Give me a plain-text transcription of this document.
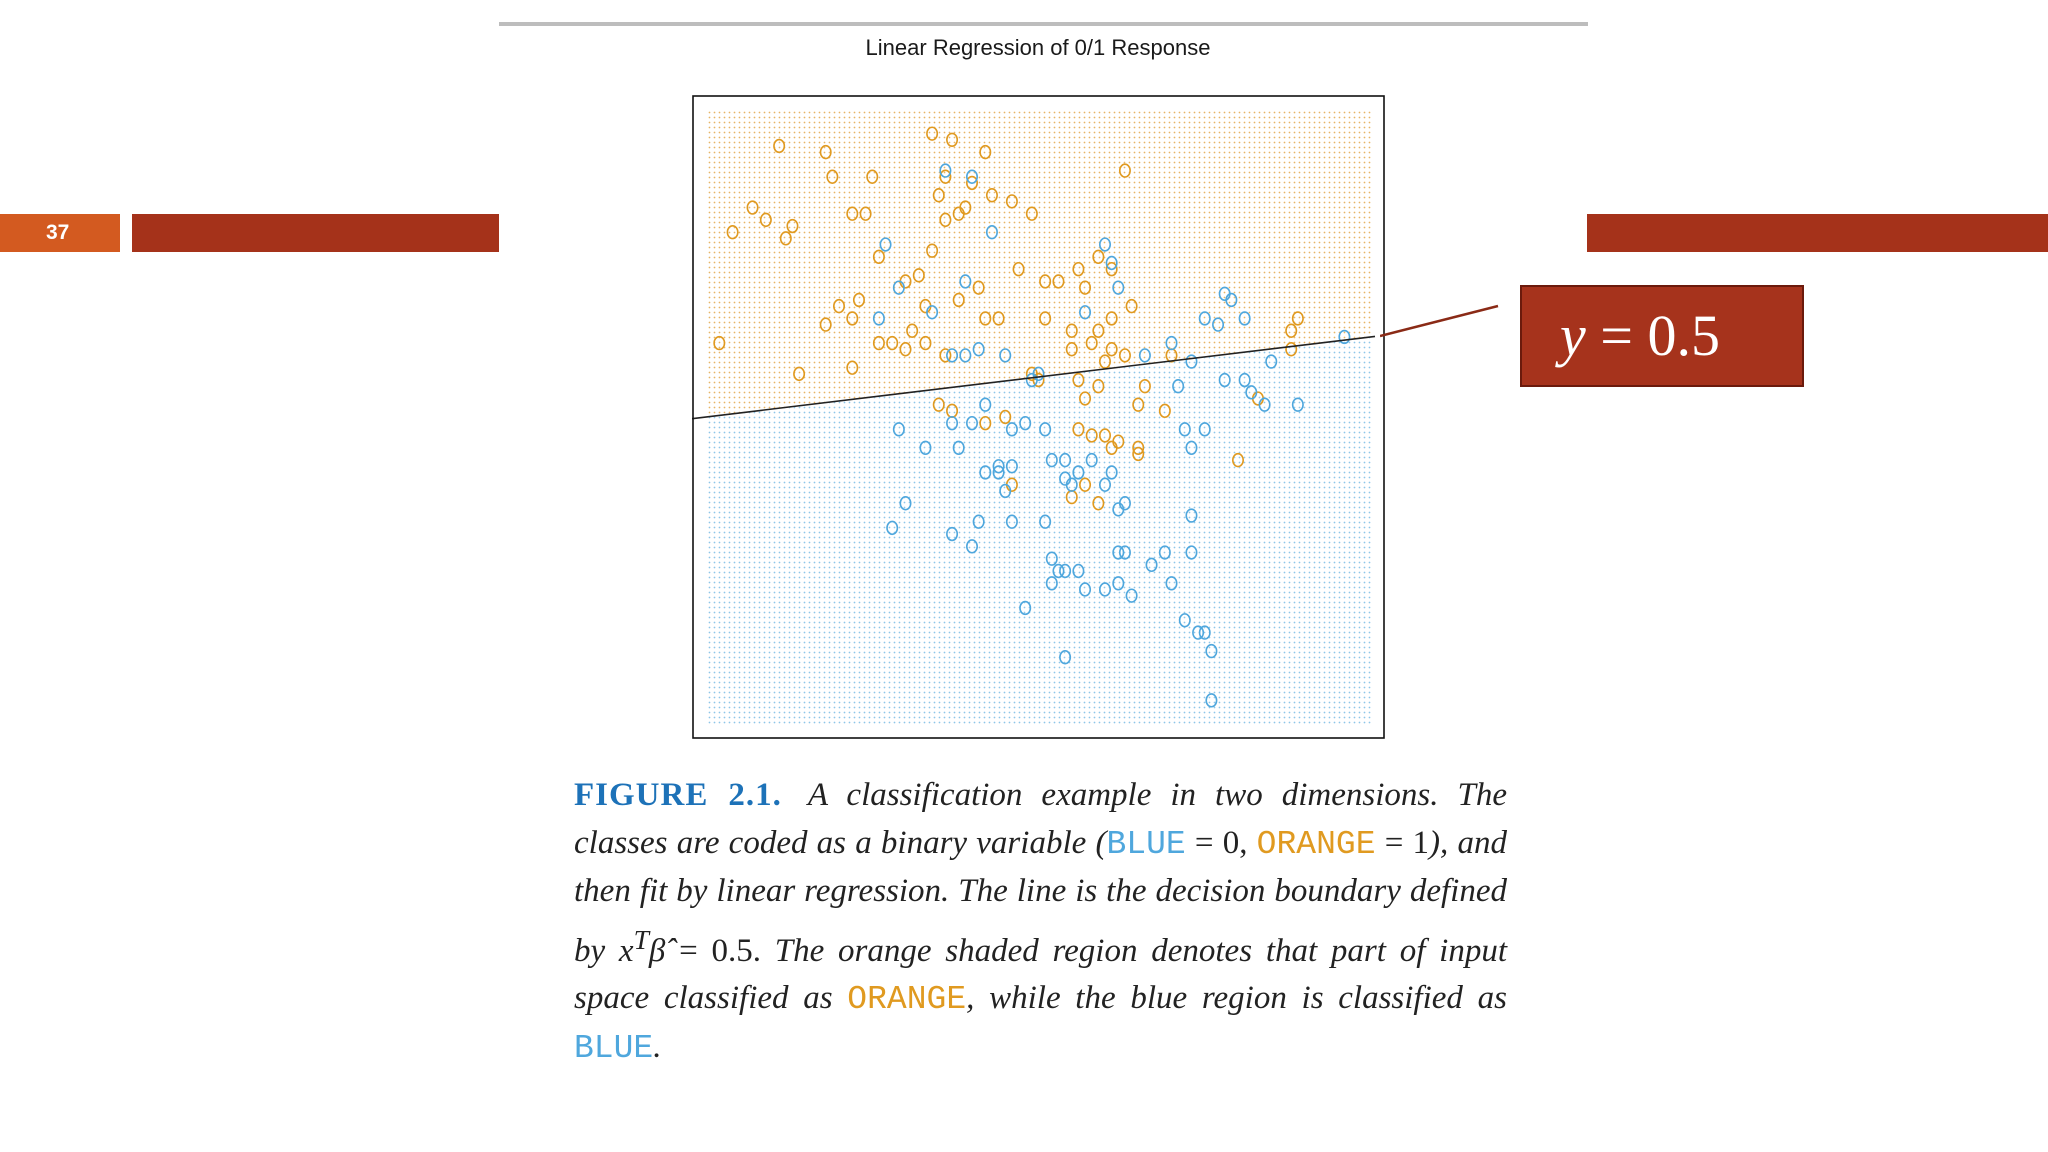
37
Linear Regression of 0/1 Response
y = 0.5
FIGURE 2.1. A classification example in two dimensions. The classes are coded as a binary variable (BLUE = 0, ORANGE = 1), and then fit by linear regression. The line is the decision boundary defined by $x^T\betâ = 0.5$. The orange shaded region denotes that part of input space classified as ORANGE, while the blue region is classified as BLUE.
